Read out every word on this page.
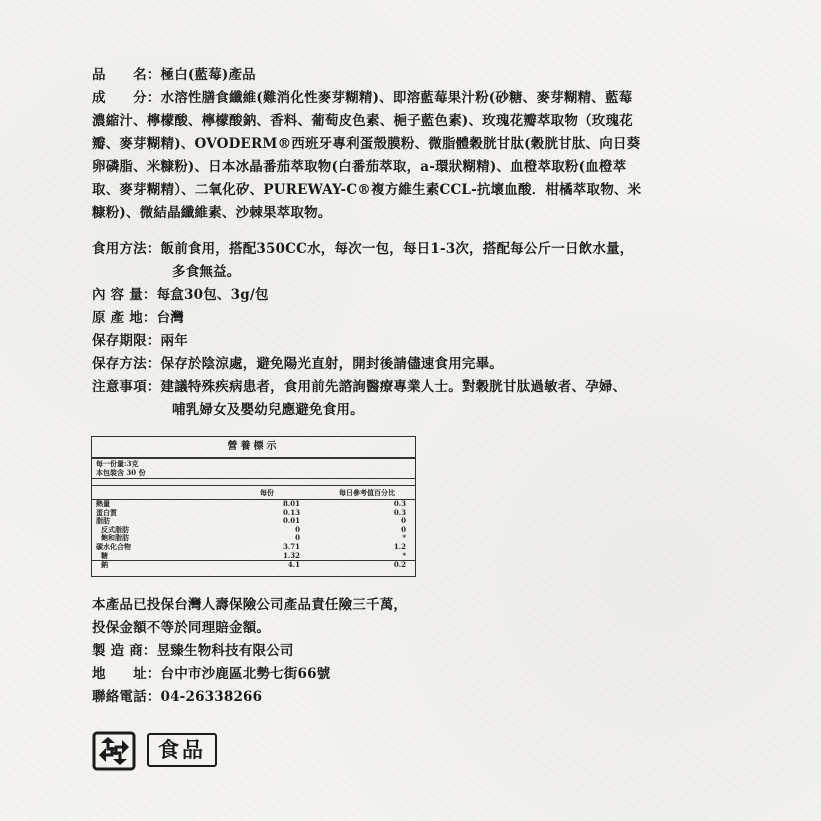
品　　名： 極白(藍莓)產品
成　　分： 水溶性膳食纖維(難消化性麥芽糊精)、即溶藍莓果汁粉(砂糖、麥芽糊精、藍莓
濃縮汁、檸檬酸、檸檬酸鈉、香料、葡萄皮色素、梔子藍色素)、玫瑰花瓣萃取物（玫瑰花
瓣、麥芽糊精)、OVODERM®西班牙專利蛋殼膜粉、微脂體穀胱甘肽(穀胱甘肽、向日葵
卵磷脂、米糠粉)、日本冰晶番茄萃取物(白番茄萃取，a-環狀糊精)、血橙萃取粉(血橙萃
取、麥芽糊精）、二氧化矽、PUREWAY-C®複方維生素CCL-抗壞血酸．柑橘萃取物、米
糠粉)、微結晶纖維素、沙棘果萃取物。
食用方法： 飯前食用，搭配350CC水，每次一包，每日1-3次，搭配每公斤一日飲水量，
多食無益。
內 容 量： 每盒30包、3g/包
原 產 地： 台灣
保存期限： 兩年
保存方法： 保存於陰涼處，避免陽光直射，開封後請儘速食用完畢。
注意事項： 建議特殊疾病患者，食用前先諮詢醫療專業人士。對穀胱甘肽過敏者、孕婦、
哺乳婦女及嬰幼兒應避免食用。
營養標示
每一份量:3克
本包裝含 30 份
每份	每日參考值百分比
熱量	8.01	0.3
蛋白質	0.13	0.3
脂肪	0.01	0
反式脂肪	0	0
飽和脂肪	0	*
碳水化合物	3.71	1.2
糖	1.32	*
鈉	4.1	0.2
本產品已投保台灣人壽保險公司產品責任險三千萬，
投保金額不等於同理賠金額。
製 造 商： 昱臻生物科技有限公司
地　　址： 台中市沙鹿區北勢七街66號
聯絡電話： 04-26338266
食品
